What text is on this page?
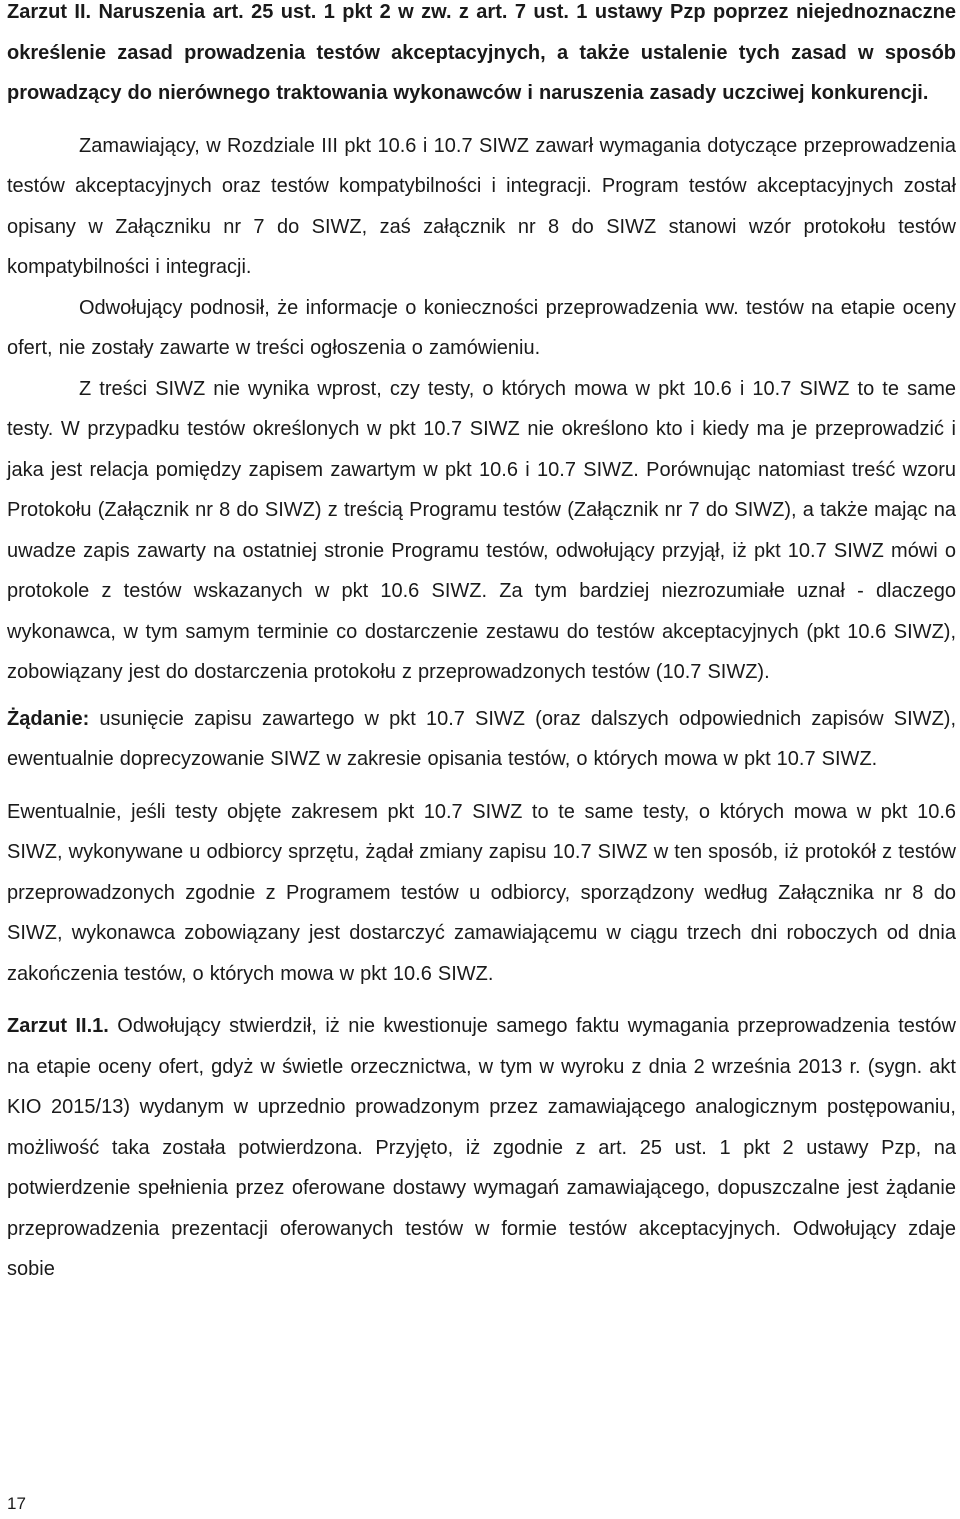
Zarzut II. Naruszenia art. 25 ust. 1 pkt 2 w zw. z art. 7 ust. 1 ustawy Pzp poprzez niejednoznaczne określenie zasad prowadzenia testów akceptacyjnych, a także ustalenie tych zasad w sposób prowadzący do nierównego traktowania wykonawców i naruszenia zasady uczciwej konkurencji.

Zamawiający, w Rozdziale III pkt 10.6 i 10.7 SIWZ zawarł wymagania dotyczące przeprowadzenia testów akceptacyjnych oraz testów kompatybilności i integracji. Program testów akceptacyjnych został opisany w Załączniku nr 7 do SIWZ, zaś załącznik nr 8 do SIWZ stanowi wzór protokołu testów kompatybilności i integracji.

Odwołujący podnosił, że informacje o konieczności przeprowadzenia ww. testów na etapie oceny ofert, nie zostały zawarte w treści ogłoszenia o zamówieniu.

Z treści SIWZ nie wynika wprost, czy testy, o których mowa w pkt 10.6 i 10.7 SIWZ to te same testy. W przypadku testów określonych w pkt 10.7 SIWZ nie określono kto i kiedy ma je przeprowadzić i jaka jest relacja pomiędzy zapisem zawartym w pkt 10.6 i 10.7 SIWZ. Porównując natomiast treść wzoru Protokołu (Załącznik nr 8 do SIWZ) z treścią Programu testów (Załącznik nr 7 do SIWZ), a także mając na uwadze zapis zawarty na ostatniej stronie Programu testów, odwołujący przyjął, iż pkt 10.7 SIWZ mówi o protokole z testów wskazanych w pkt 10.6 SIWZ. Za tym bardziej niezrozumiałe uznał - dlaczego wykonawca, w tym samym terminie co dostarczenie zestawu do testów akceptacyjnych (pkt 10.6 SIWZ), zobowiązany jest do dostarczenia protokołu z przeprowadzonych testów (10.7 SIWZ).

Żądanie: usunięcie zapisu zawartego w pkt 10.7 SIWZ (oraz dalszych odpowiednich zapisów SIWZ), ewentualnie doprecyzowanie SIWZ w zakresie opisania testów, o których mowa w pkt 10.7 SIWZ.

Ewentualnie, jeśli testy objęte zakresem pkt 10.7 SIWZ to te same testy, o których mowa w pkt 10.6 SIWZ, wykonywane u odbiorcy sprzętu, żądał zmiany zapisu 10.7 SIWZ w ten sposób, iż protokół z testów przeprowadzonych zgodnie z Programem testów u odbiorcy, sporządzony według Załącznika nr 8 do SIWZ, wykonawca zobowiązany jest dostarczyć zamawiającemu w ciągu trzech dni roboczych od dnia zakończenia testów, o których mowa w pkt 10.6 SIWZ.

Zarzut II.1. Odwołujący stwierdził, iż nie kwestionuje samego faktu wymagania przeprowadzenia testów na etapie oceny ofert, gdyż w świetle orzecznictwa, w tym w wyroku z dnia 2 września 2013 r. (sygn. akt KIO 2015/13) wydanym w uprzednio prowadzonym przez zamawiającego analogicznym postępowaniu, możliwość taka została potwierdzona. Przyjęto, iż zgodnie z art. 25 ust. 1 pkt 2 ustawy Pzp, na potwierdzenie spełnienia przez oferowane dostawy wymagań zamawiającego, dopuszczalne jest żądanie przeprowadzenia prezentacji oferowanych testów w formie testów akceptacyjnych. Odwołujący zdaje sobie

17
